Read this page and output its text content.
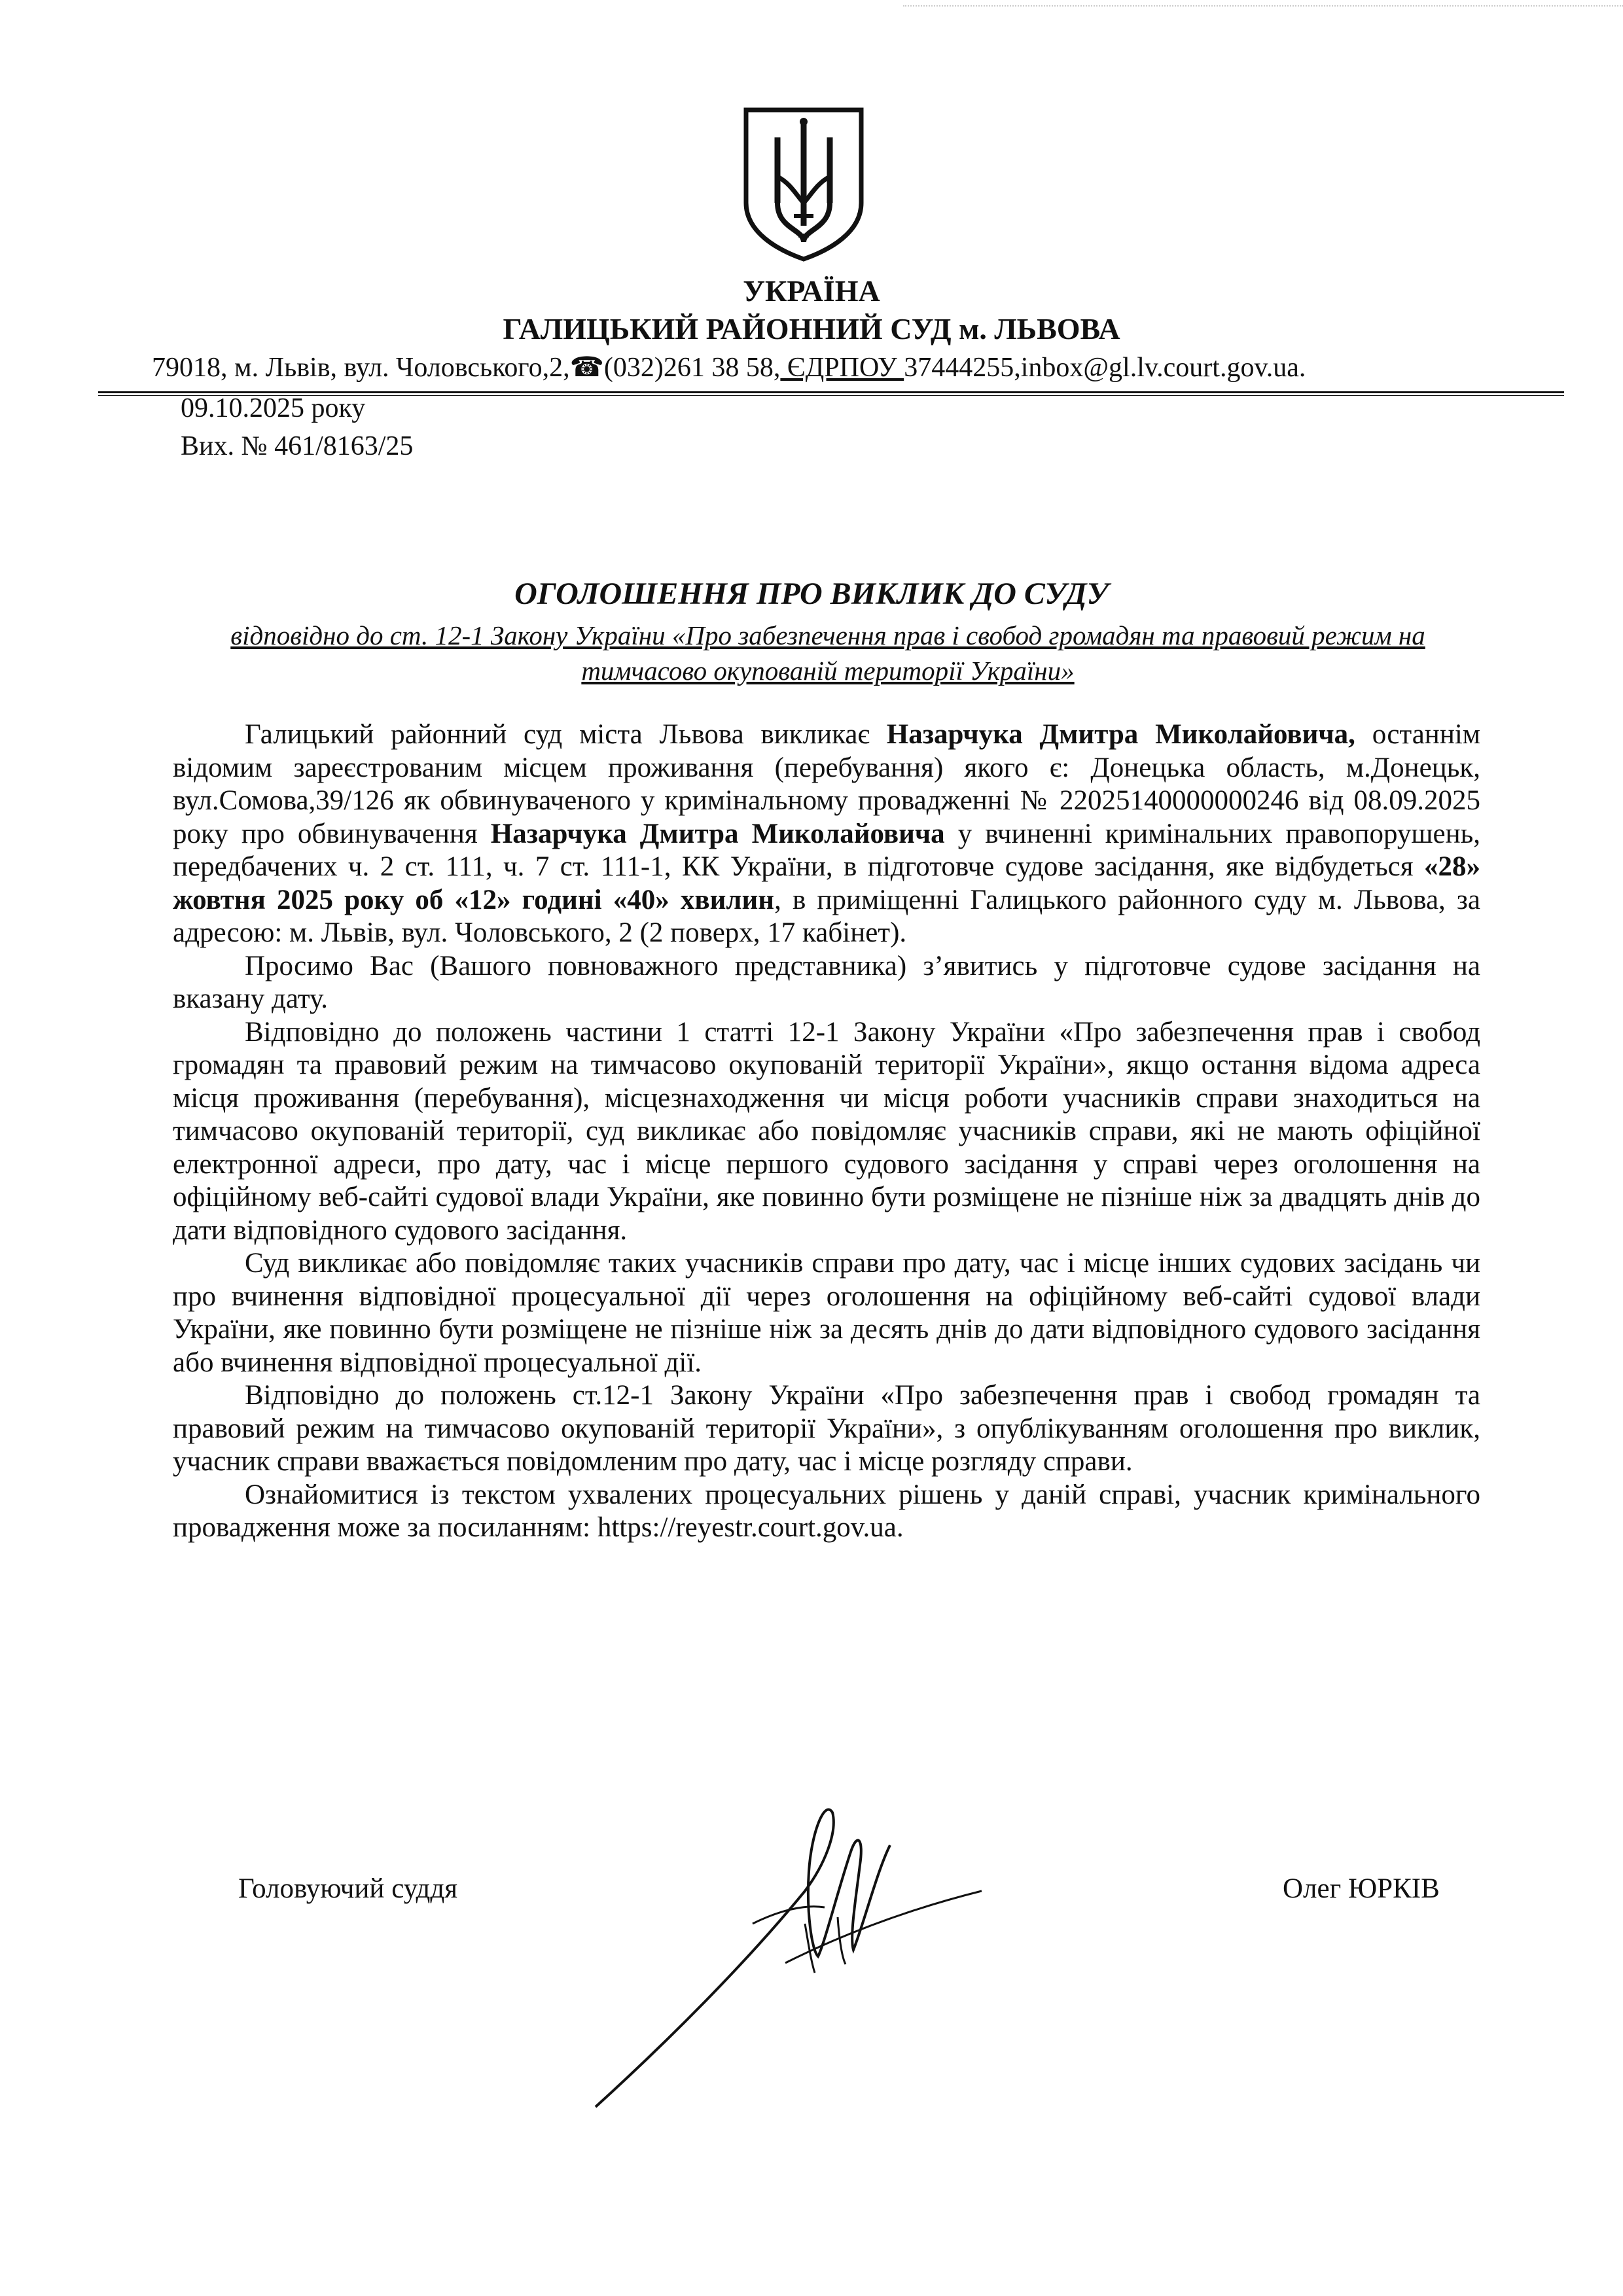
УКРАЇНА
ГАЛИЦЬКИЙ РАЙОННИЙ СУД м. ЛЬВОВА
79018, м. Львів, вул. Чоловського,2,☎(032)261 38 58, ЄДРПОУ 37444255,inbox@gl.lv.court.gov.ua.
09.10.2025 року
Вих. № 461/8163/25
ОГОЛОШЕННЯ ПРО ВИКЛИК ДО СУДУ
відповідно до ст. 12-1 Закону України «Про забезпечення прав і свобод громадян та правовий режим на тимчасово окупованій території України»

Галицький районний суд міста Львова викликає Назарчука Дмитра Миколайовича, останнім відомим зареєстрованим місцем проживання (перебування) якого є: Донецька область, м.Донецьк, вул.Сомова,39/126 як обвинуваченого у кримінальному провадженні № 22025140000000246 від 08.09.2025 року про обвинувачення Назарчука Дмитра Миколайовича у вчиненні кримінальних правопорушень, передбачених ч. 2 ст. 111, ч. 7 ст. 111-1, КК України, в підготовче судове засідання, яке відбудеться «28» жовтня 2025 року об «12» годині «40» хвилин, в приміщенні Галицького районного суду м. Львова, за адресою: м. Львів, вул. Чоловського, 2 (2 поверх, 17 кабінет).

Просимо Вас (Вашого повноважного представника) з’явитись у підготовче судове засідання на вказану дату.

Відповідно до положень частини 1 статті 12-1 Закону України «Про забезпечення прав і свобод громадян та правовий режим на тимчасово окупованій території України», якщо остання відома адреса місця проживання (перебування), місцезнаходження чи місця роботи учасників справи знаходиться на тимчасово окупованій території, суд викликає або повідомляє учасників справи, які не мають офіційної електронної адреси, про дату, час і місце першого судового засідання у справі через оголошення на офіційному веб-сайті судової влади України, яке повинно бути розміщене не пізніше ніж за двадцять днів до дати відповідного судового засідання.

Суд викликає або повідомляє таких учасників справи про дату, час і місце інших судових засідань чи про вчинення відповідної процесуальної дії через оголошення на офіційному веб-сайті судової влади України, яке повинно бути розміщене не пізніше ніж за десять днів до дати відповідного судового засідання або вчинення відповідної процесуальної дії.

Відповідно до положень ст.12-1 Закону України «Про забезпечення прав і свобод громадян та правовий режим на тимчасово окупованій території України», з опублікуванням оголошення про виклик, учасник справи вважається повідомленим про дату, час і місце розгляду справи.

Ознайомитися із текстом ухвалених процесуальних рішень у даній справі, учасник кримінального провадження може за посиланням: https://reyestr.court.gov.ua.

Головуючий суддя	Олег ЮРКІВ
